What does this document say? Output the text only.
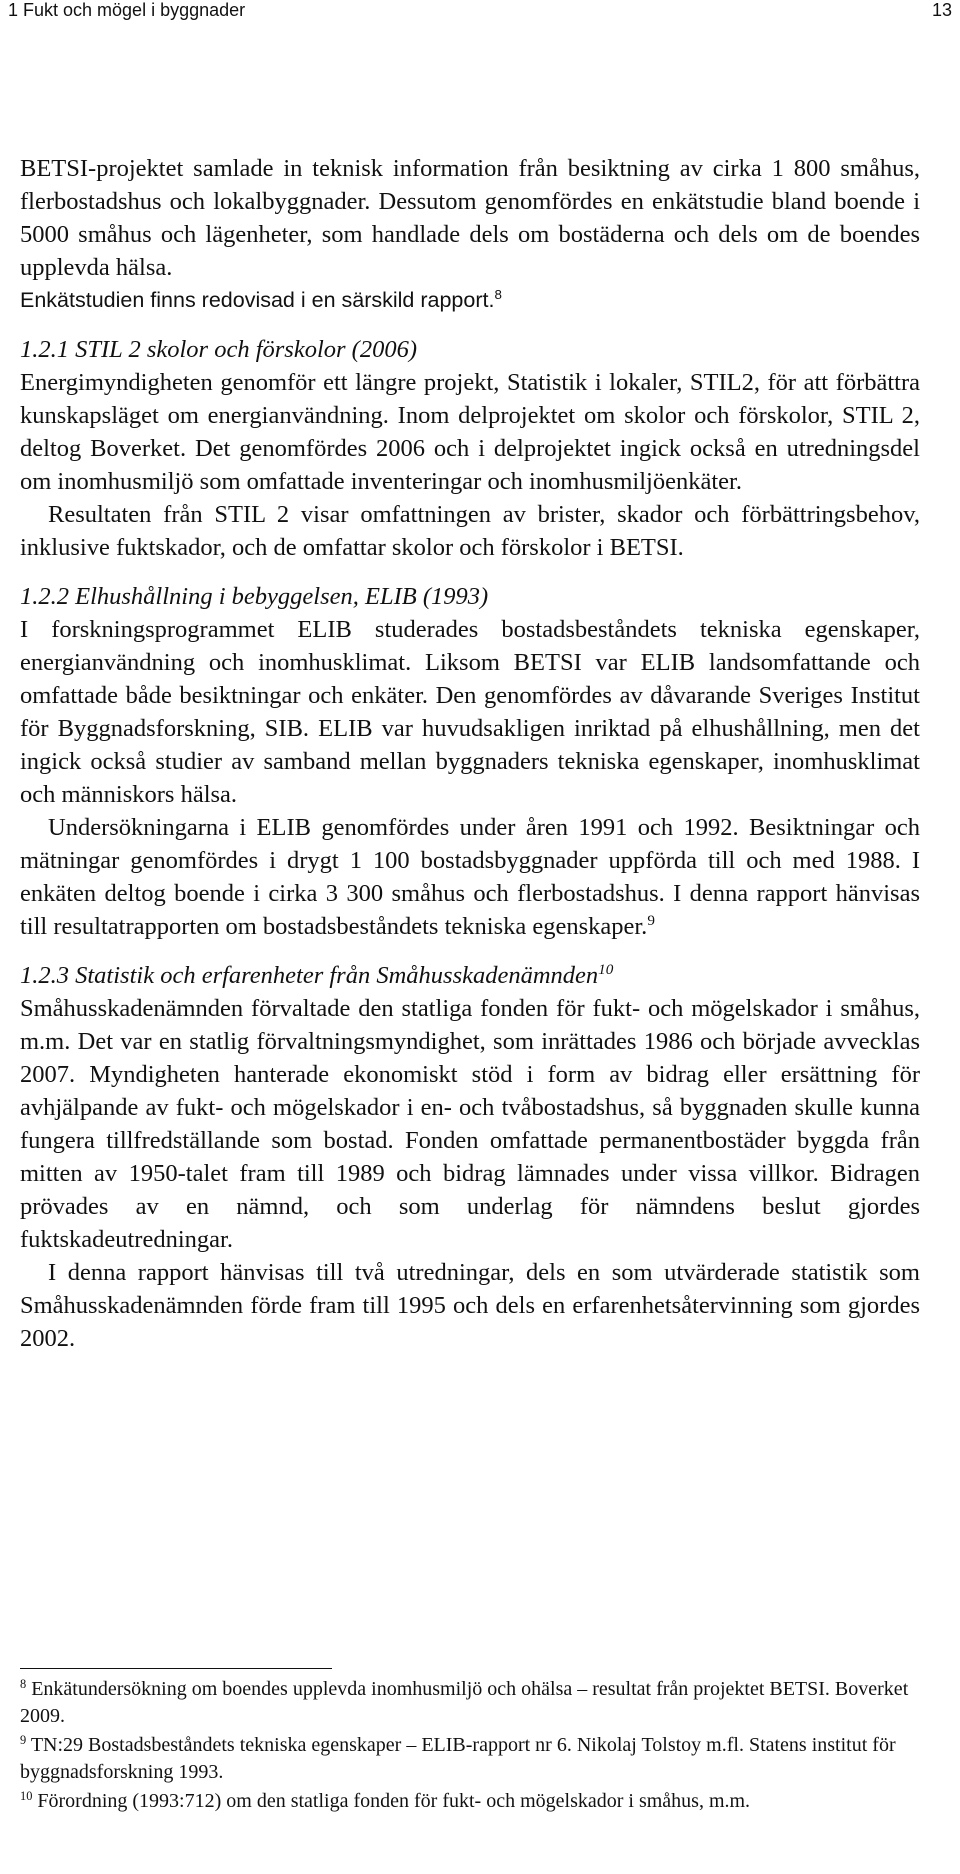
1 Fukt och mögel i byggnader	13

BETSI-projektet samlade in teknisk information från besiktning av cirka 1 800 småhus, flerbostadshus och lokalbyggnader. Dessutom genomfördes en enkätstudie bland boende i 5000 småhus och lägenheter, som handlade dels om bostäderna och dels om de boendes upplevda hälsa.

Enkätstudien finns redovisad i en särskild rapport.$^8$

1.2.1 STIL 2 skolor och förskolor (2006)

Energimyndigheten genomför ett längre projekt, Statistik i lokaler, STIL2, för att förbättra kunskapsläget om energianvändning. Inom delprojektet om skolor och förskolor, STIL 2, deltog Boverket. Det genomfördes 2006 och i delprojektet ingick också en utredningsdel om inomhusmiljö som omfattade inventeringar och inomhusmiljöenkäter.

Resultaten från STIL 2 visar omfattningen av brister, skador och förbättringsbehov, inklusive fuktskador, och de omfattar skolor och förskolor i BETSI.

1.2.2 Elhushållning i bebyggelsen, ELIB (1993)

I forskningsprogrammet ELIB studerades bostadsbeståndets tekniska egenskaper, energianvändning och inomhusklimat. Liksom BETSI var ELIB landsomfattande och omfattade både besiktningar och enkäter. Den genomfördes av dåvarande Sveriges Institut för Byggnadsforskning, SIB. ELIB var huvudsakligen inriktad på elhushållning, men det ingick också studier av samband mellan byggnaders tekniska egenskaper, inomhusklimat och människors hälsa.

Undersökningarna i ELIB genomfördes under åren 1991 och 1992. Besiktningar och mätningar genomfördes i drygt 1 100 bostadsbyggnader uppförda till och med 1988. I enkäten deltog boende i cirka 3 300 småhus och flerbostadshus. I denna rapport hänvisas till resultatrapporten om bostadsbeståndets tekniska egenskaper.$^9$

1.2.3 Statistik och erfarenheter från Småhusskadenämnden$^{10}$

Småhusskadenämnden förvaltade den statliga fonden för fukt- och mögelskador i småhus, m.m. Det var en statlig förvaltningsmyndighet, som inrättades 1986 och började avvecklas 2007. Myndigheten hanterade ekonomiskt stöd i form av bidrag eller ersättning för avhjälpande av fukt- och mögelskador i en- och tvåbostadshus, så byggnaden skulle kunna fungera tillfredställande som bostad. Fonden omfattade permanentbostäder byggda från mitten av 1950-talet fram till 1989 och bidrag lämnades under vissa villkor. Bidragen prövades av en nämnd, och som underlag för nämndens beslut gjordes fuktskadeutredningar.

I denna rapport hänvisas till två utredningar, dels en som utvärderade statistik som Småhusskadenämnden förde fram till 1995 och dels en erfarenhetsåtervinning som gjordes 2002.

$^8$ Enkätundersökning om boendes upplevda inomhusmiljö och ohälsa – resultat från projektet BETSI. Boverket 2009.

$^9$ TN:29 Bostadsbeståndets tekniska egenskaper – ELIB-rapport nr 6. Nikolaj Tolstoy m.fl. Statens institut för byggnadsforskning 1993.

$^{10}$ Förordning (1993:712) om den statliga fonden för fukt- och mögelskador i småhus, m.m.
